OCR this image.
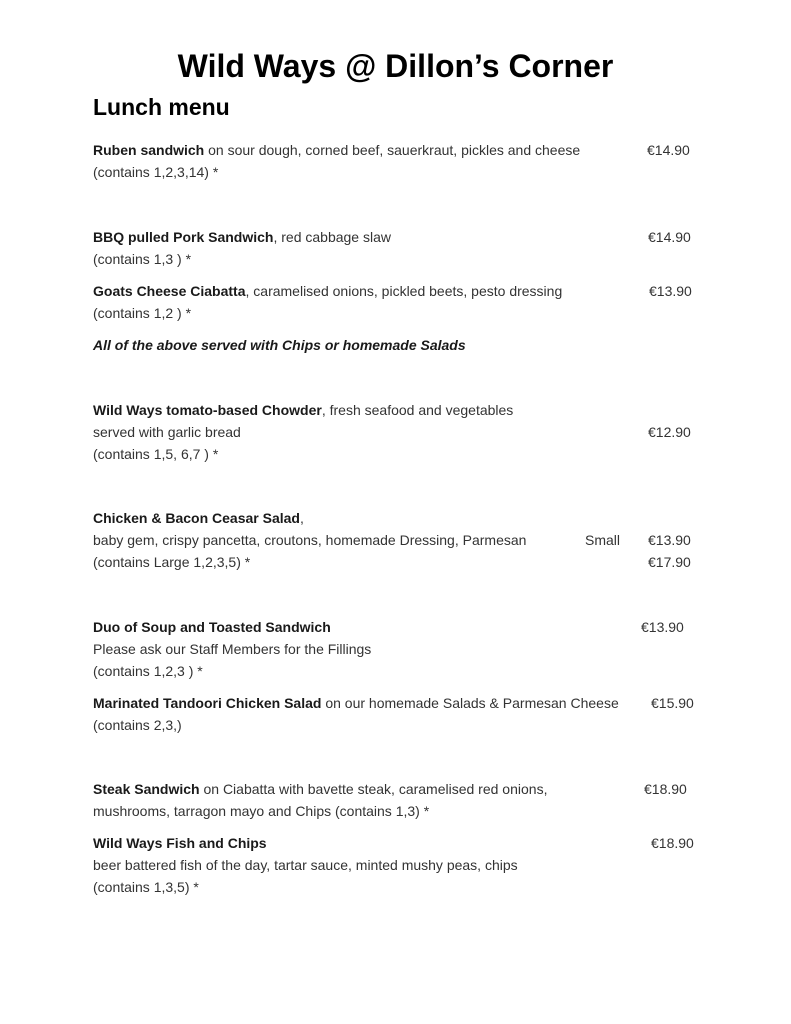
Wild Ways @ Dillon’s Corner
Lunch menu
Ruben sandwich on sour dough, corned beef, sauerkraut, pickles and cheese	€14.90
(contains 1,2,3,14) *
BBQ pulled Pork Sandwich, red cabbage slaw	€14.90
(contains 1,3 ) *
Goats Cheese Ciabatta, caramelised onions, pickled beets, pesto dressing	€13.90
(contains 1,2 ) *
All of the above served with Chips or homemade Salads
Wild Ways tomato-based Chowder, fresh seafood and vegetables
served with garlic bread	€12.90
(contains 1,5, 6,7 ) *
Chicken & Bacon Ceasar Salad,
baby gem, crispy pancetta, croutons, homemade Dressing, Parmesan	Small €13.90
(contains Large 1,2,3,5) *	€17.90
Duo of Soup and Toasted Sandwich	€13.90
Please ask our Staff Members for the Fillings
(contains 1,2,3 ) *
Marinated Tandoori Chicken Salad on our homemade Salads & Parmesan Cheese €15.90
(contains 2,3,)
Steak Sandwich on Ciabatta with bavette steak, caramelised red onions,	€18.90
mushrooms, tarragon mayo and Chips (contains 1,3) *
Wild Ways Fish and Chips	€18.90
beer battered fish of the day, tartar sauce, minted mushy peas, chips
(contains 1,3,5) *
